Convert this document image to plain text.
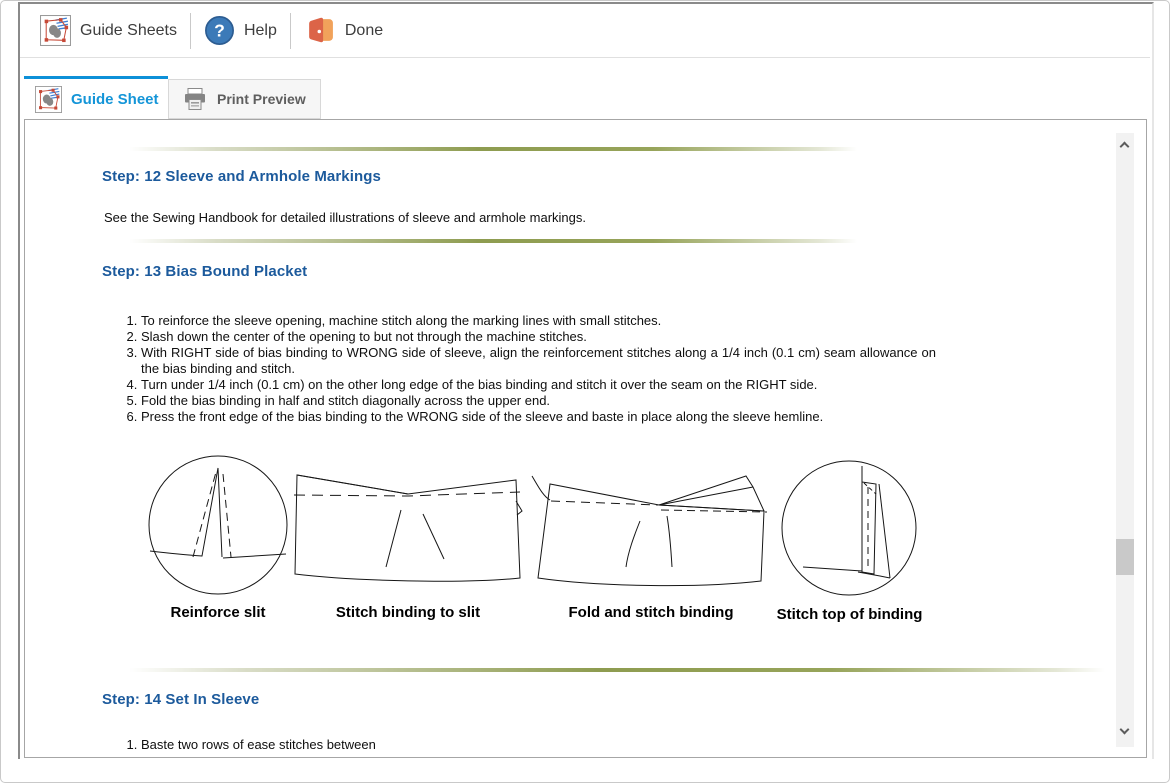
Guide Sheets ? Help	Done
Guide Sheet	Print Preview
Step: 12 Sleeve and Armhole Markings
See the Sewing Handbook for detailed illustrations of sleeve and armhole markings.
Step: 13 Bias Bound Placket
1. To reinforce the sleeve opening, machine stitch along the marking lines with small stitches.
2. Slash down the center of the opening to but not through the machine stitches.
3. With RIGHT side of bias binding to WRONG side of sleeve, align the reinforcement stitches along a 1/4 inch (0.1 cm) seam allowance on the bias binding and stitch.
4. Turn under 1/4 inch (0.1 cm) on the other long edge of the bias binding and stitch it over the seam on the RIGHT side.
5. Fold the bias binding in half and stitch diagonally across the upper end.
6. Press the front edge of the bias binding to the WRONG side of the sleeve and baste in place along the sleeve hemline.
Reinforce slit	Stitch binding to slit	Fold and stitch binding	Stitch top of binding
Step: 14 Set In Sleeve
1. Baste two rows of ease stitches between
